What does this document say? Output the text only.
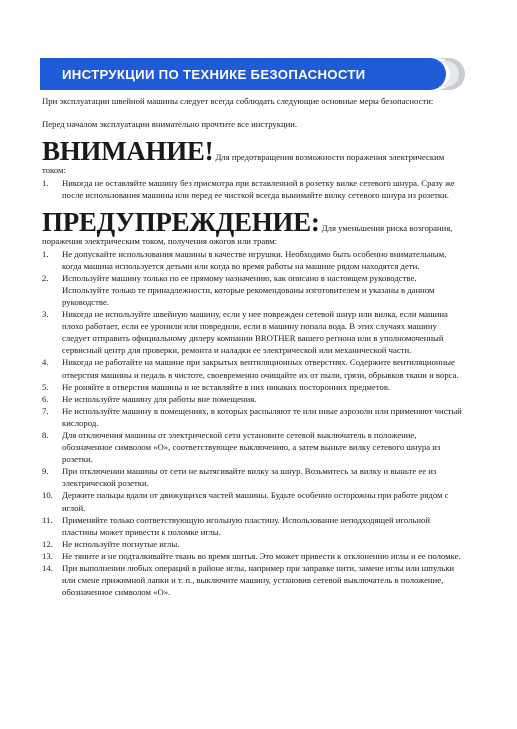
ИНСТРУКЦИИ ПО ТЕХНИКЕ БЕЗОПАСНОСТИ

При эксплуатации швейной машины следует всегда соблюдать следующие основные меры безопасности:

Перед началом эксплуатации внимательно прочтите все инструкции.

ВНИМАНИЕ! Для предотвращения возможности поражения электрическим током:

1.	Никогда не оставляйте машину без присмотра при вставленной в розетку вилке сетевого шнура. Сразу же после использования машины или перед ее чисткой всегда вынимайте вилку сетевого шнура из розетки.

ПРЕДУПРЕЖДЕНИЕ: Для уменьшения риска возгорания, поражения электрическим током, получения ожогов или травм:

1.	Не допускайте использования машины в качестве игрушки. Необходимо быть особенно внимательным, когда машина используется детьми или когда во время работы на машине рядом находятся дети.
2.	Используйте машину только по ее прямому назначению, как описано в настоящем руководстве. Используйте только те принадлежности, которые рекомендованы изготовителем и указаны в данном руководстве.
3.	Никогда не используйте швейную машину, если у нее поврежден сетевой шнур или вилка, если машина плохо работает, если ее уронили или повредили, если в машину попала вода. В этих случаях машину следует отправить официальному дилеру компании BROTHER вашего региона или в уполномоченный сервисный центр для проверки, ремонта и наладки ее электрической или механической части.
4.	Никогда не работайте на машине при закрытых вентиляционных отверстиях. Содержите вентиляционные отверстия машины и педаль в чистоте, своевременно очищайте их от пыли, грязи, обрывков ткани и ворса.
5.	Не роняйте в отверстия машины и не вставляйте в них никаких посторонних предметов.
6.	Не используйте машину для работы вне помещения.
7.	Не используйте машину в помещениях, в которых распыляют те или иные аэрозоли или применяют чистый кислород.
8.	Для отключения машины от электрической сети установите сетевой выключатель в положение, обозначенное символом «O», соответствующее выключению, а затем выньте вилку сетевого шнура из розетки.
9.	При отключении машины от сети не вытягивайте вилку за шнур. Возьмитесь за вилку и выньте ее из электрической розетки.
10.	Держите пальцы вдали от движущихся частей машины. Будьте особенно осторожны при работе рядом с иглой.
11.	Применяйте только соответствующую игольную пластину. Использование неподходящей игольной пластины может привести к поломке иглы.
12.	Не используйте погнутые иглы.
13.	Не тяните и не подталкивайте ткань во время шитья. Это может привести к отклонению иглы и ее поломке.
14.	При выполнении любых операций в районе иглы, например при заправке нити, замене иглы или шпульки или смене прижимной лапки и т. п., выключите машину, установив сетевой выключатель в положение, обозначенное символом «O».
